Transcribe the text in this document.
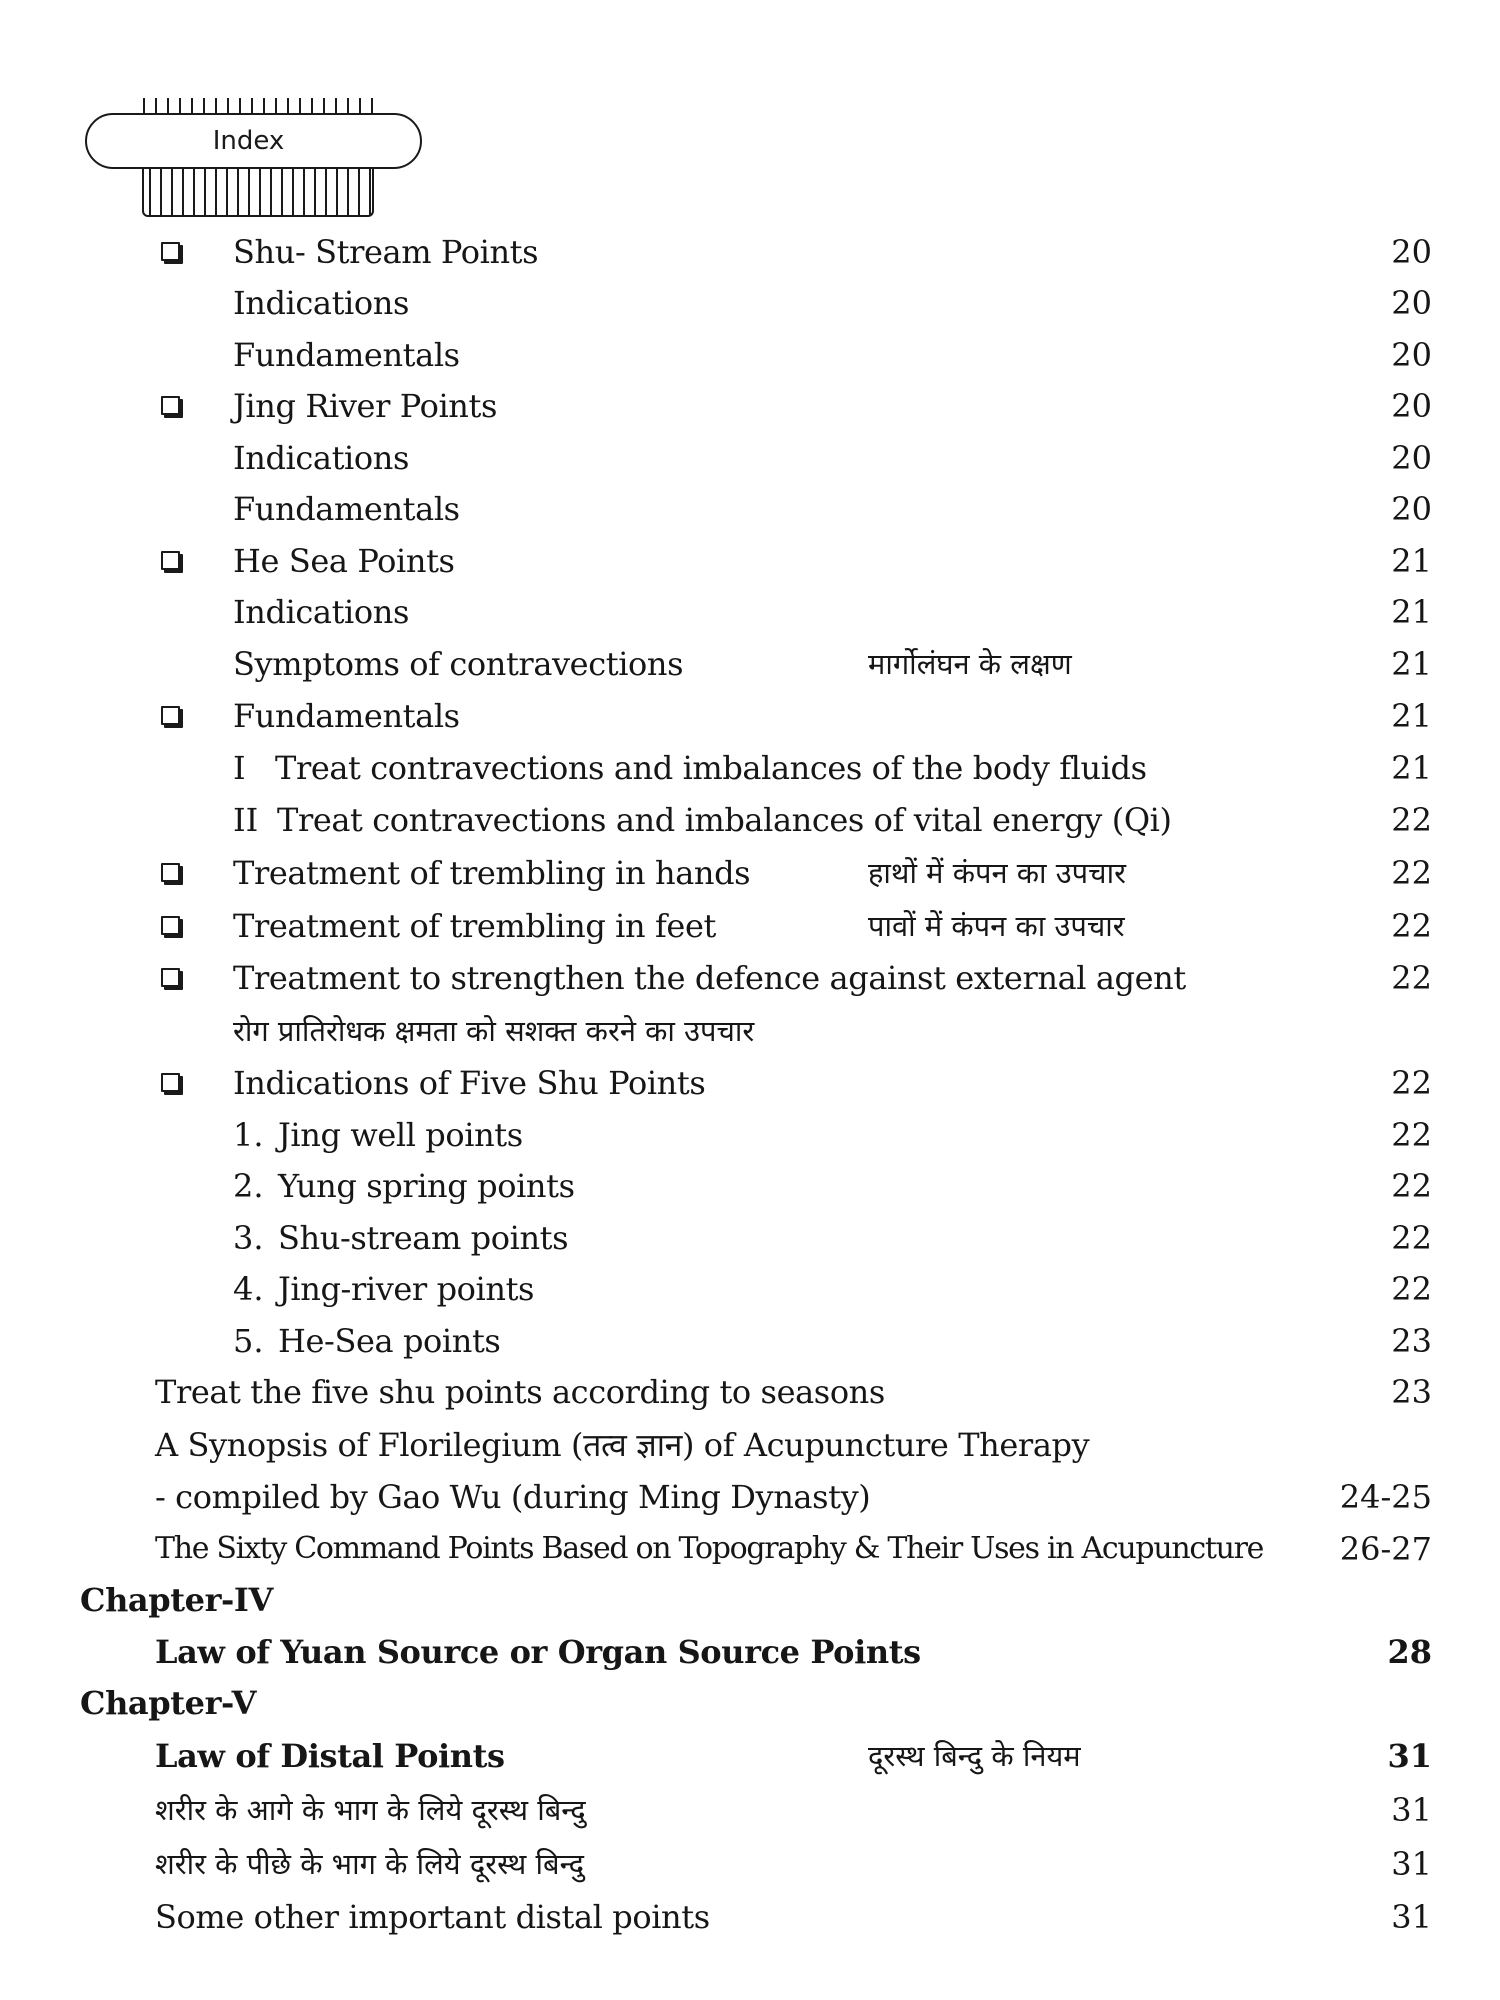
Index
Shu- Stream Points	20
Indications	20
Fundamentals	20
Jing River Points	20
Indications	20
Fundamentals	20
He Sea Points	21
Indications	21
Symptoms of contravections	मार्गोलंघन के लक्षण	21
Fundamentals	21
I Treat contravections and imbalances of the body fluids	21
II Treat contravections and imbalances of vital energy (Qi)	22
Treatment of trembling in hands	हाथों में कंपन का उपचार	22
Treatment of trembling in feet	पावों में कंपन का उपचार	22
Treatment to strengthen the defence against external agent	22
रोग प्रातिरोधक क्षमता को सशक्त करने का उपचार
Indications of Five Shu Points	22
1. Jing well points	22
2. Yung spring points	22
3. Shu-stream points	22
4. Jing-river points	22
5. He-Sea points	23
Treat the five shu points according to seasons	23
A Synopsis of Florilegium (तत्व ज्ञान) of Acupuncture Therapy
- compiled by Gao Wu (during Ming Dynasty)	24-25
The Sixty Command Points Based on Topography & Their Uses in Acupuncture 26-27
Chapter-IV
Law of Yuan Source or Organ Source Points	28
Chapter-V
Law of Distal Points	दूरस्थ बिन्दु के नियम	31
शरीर के आगे के भाग के लिये दूरस्थ बिन्दु	31
शरीर के पीछे के भाग के लिये दूरस्थ बिन्दु	31
Some other important distal points	31
